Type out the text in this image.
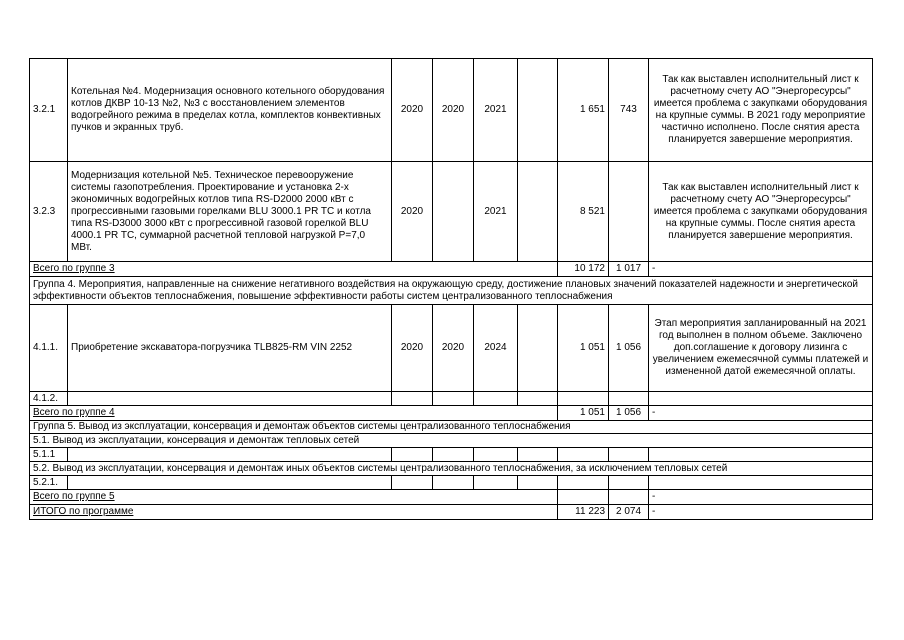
3.2.1	Котельная №4. Модернизация основного котельного оборудования котлов ДКВР 10-13 №2, №3 с восстановлением элементов водогрейного режима в пределах котла, комплектов конвективных пучков и экранных труб.	2020	2020	2021		1 651	743	Так как выставлен исполнительный лист к расчетному счету АО "Энергоресурсы" имеется проблема с закупками оборудования на крупные суммы. В 2021 году мероприятие частично исполнено. После снятия ареста планируется завершение мероприятия.
3.2.3	Модернизация котельной №5. Техническое перевооружение системы газопотребления. Проектирование и установка 2-х экономичных водогрейных котлов типа RS-D2000 2000 кВт с прогрессивными газовыми горелками BLU 3000.1 PR TC и котла типа RS-D3000 3000 кВт с прогрессивной газовой горелкой BLU 4000.1 PR TC, суммарной расчетной тепловой нагрузкой Р=7,0 МВт.	2020		2021		8 521		Так как выставлен исполнительный лист к расчетному счету АО "Энергоресурсы" имеется проблема с закупками оборудования на крупные суммы. После снятия ареста планируется завершение мероприятия.
Всего по группе 3						10 172	1 017	-
Группа 4. Мероприятия, направленные на снижение негативного воздействия на окружающую среду, достижение плановых значений показателей надежности и энергетической эффективности объектов теплоснабжения, повышение эффективности работы систем централизованного теплоснабжения								
4.1.1.	Приобретение экскаватора-погрузчика TLB825-RM VIN 2252	2020	2020	2024		1 051	1 056	Этап мероприятия запланированный на 2021 год выполнен в полном объеме. Заключено доп.соглашение к договору лизинга с увеличением ежемесячной суммы платежей и измененной датой ежемесячной оплаты.
4.1.2.								
Всего по группе 4						1 051	1 056	-
Группа 5. Вывод из эксплуатации, консервация и демонтаж объектов системы централизованного теплоснабжения								
5.1. Вывод из эксплуатации, консервация и демонтаж тепловых сетей								
5.1.1								
5.2. Вывод из эксплуатации, консервация и демонтаж иных объектов системы централизованного теплоснабжения, за исключением тепловых сетей								
5.2.1.								
Всего по группе 5								-
ИТОГО по программе						11 223	2 074	-
